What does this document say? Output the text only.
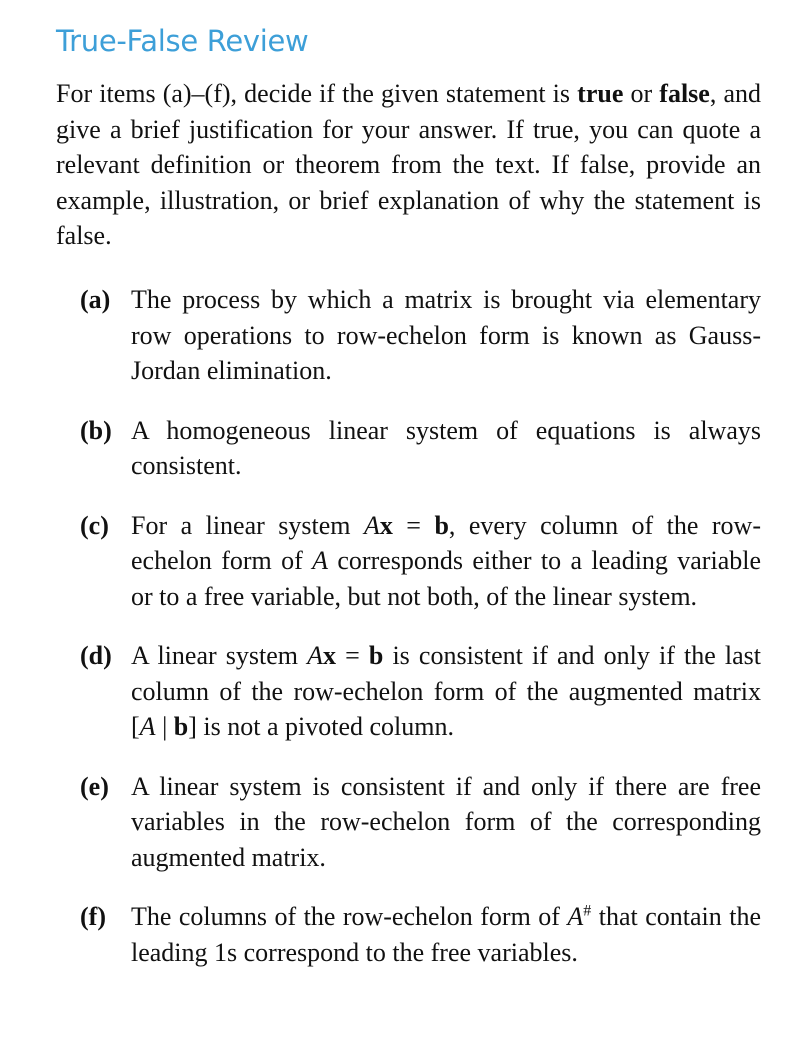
True-False Review
For items (a)–(f), decide if the given statement is true or false, and give a brief justification for your answer. If true, you can quote a relevant definition or theorem from the text. If false, provide an example, illustration, or brief explanation of why the statement is false.
(a) The process by which a matrix is brought via elementary row operations to row-echelon form is known as Gauss-Jordan elimination.
(b) A homogeneous linear system of equations is always consistent.
(c) For a linear system Ax = b, every column of the row-echelon form of A corresponds either to a leading variable or to a free variable, but not both, of the linear system.
(d) A linear system Ax = b is consistent if and only if the last column of the row-echelon form of the augmented matrix [A | b] is not a pivoted column.
(e) A linear system is consistent if and only if there are free variables in the row-echelon form of the corresponding augmented matrix.
(f) The columns of the row-echelon form of A# that contain the leading 1s correspond to the free variables.
